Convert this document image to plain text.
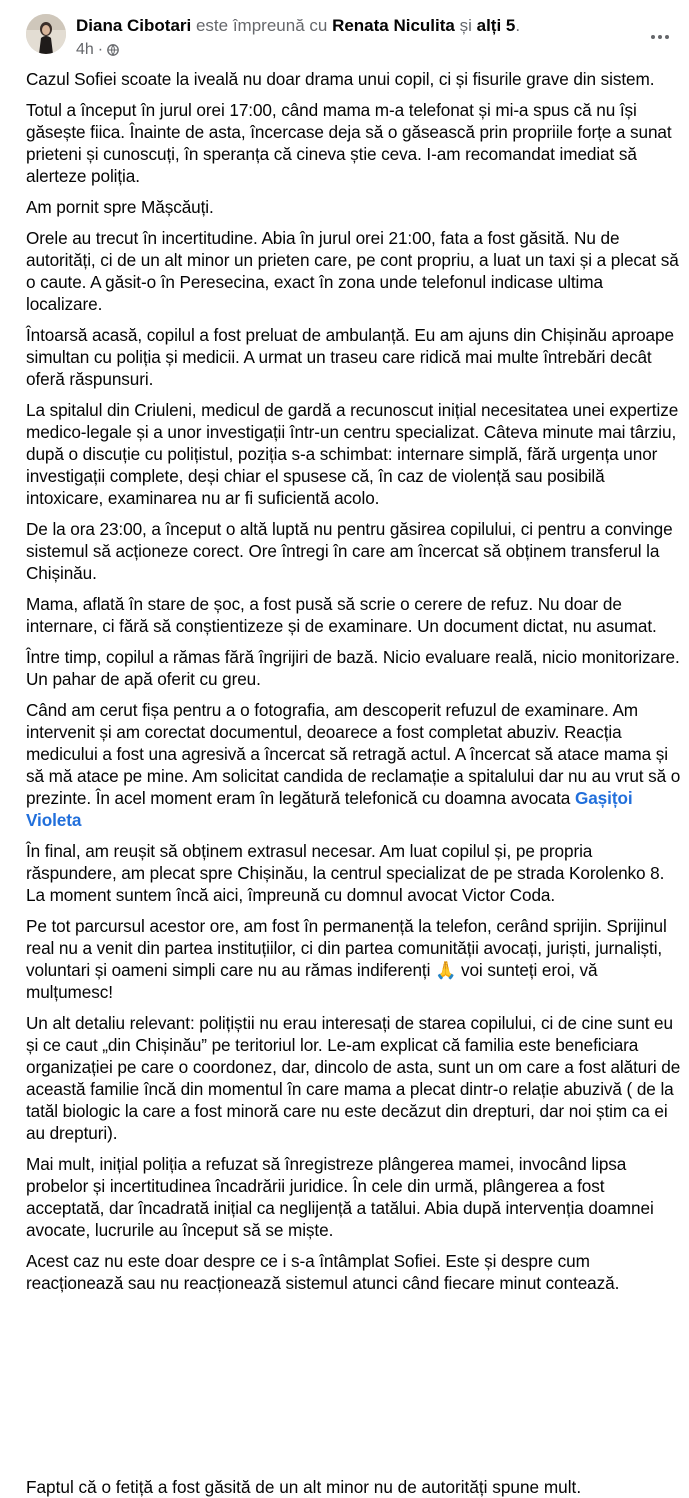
Diana Cibotari este împreună cu Renata Niculita și alți 5.
4h ·

Cazul Sofiei scoate la iveală nu doar drama unui copil, ci și fisurile grave din sistem.

Totul a început în jurul orei 17:00, când mama m-a telefonat și mi-a spus că nu își găsește fiica. Înainte de asta, încercase deja să o găsească prin propriile forțe a sunat prieteni și cunoscuți, în speranța că cineva știe ceva. I-am recomandat imediat să alerteze poliția.

Am pornit spre Mășcăuți.

Orele au trecut în incertitudine. Abia în jurul orei 21:00, fata a fost găsită. Nu de autorități, ci de un alt minor un prieten care, pe cont propriu, a luat un taxi și a plecat să o caute. A găsit-o în Peresecina, exact în zona unde telefonul indicase ultima localizare.

Întoarsă acasă, copilul a fost preluat de ambulanță. Eu am ajuns din Chișinău aproape simultan cu poliția și medicii. A urmat un traseu care ridică mai multe întrebări decât oferă răspunsuri.

La spitalul din Criuleni, medicul de gardă a recunoscut inițial necesitatea unei expertize medico-legale și a unor investigații într-un centru specializat. Câteva minute mai târziu, după o discuție cu polițistul, poziția s-a schimbat: internare simplă, fără urgența unor investigații complete, deși chiar el spusese că, în caz de violență sau posibilă intoxicare, examinarea nu ar fi suficientă acolo.

De la ora 23:00, a început o altă luptă nu pentru găsirea copilului, ci pentru a convinge sistemul să acționeze corect. Ore întregi în care am încercat să obținem transferul la Chișinău.

Mama, aflată în stare de șoc, a fost pusă să scrie o cerere de refuz. Nu doar de internare, ci fără să conștientizeze și de examinare. Un document dictat, nu asumat.

Între timp, copilul a rămas fără îngrijiri de bază. Nicio evaluare reală, nicio monitorizare. Un pahar de apă oferit cu greu.

Când am cerut fișa pentru a o fotografia, am descoperit refuzul de examinare. Am intervenit și am corectat documentul, deoarece a fost completat abuziv. Reacția medicului a fost una agresivă a încercat să retragă actul. A încercat să atace mama și să mă atace pe mine. Am solicitat candida de reclamație a spitalului dar nu au vrut să o prezinte. În acel moment eram în legătură telefonică cu doamna avocata Gașițoi Violeta

În final, am reușit să obținem extrasul necesar. Am luat copilul și, pe propria răspundere, am plecat spre Chișinău, la centrul specializat de pe strada Korolenko 8. La moment suntem încă aici, împreună cu domnul avocat Victor Coda.

Pe tot parcursul acestor ore, am fost în permanență la telefon, cerând sprijin. Sprijinul real nu a venit din partea instituțiilor, ci din partea comunității avocați, juriști, jurnaliști, voluntari și oameni simpli care nu au rămas indiferenți 🙏 voi sunteți eroi, vă mulțumesc!

Un alt detaliu relevant: polițiștii nu erau interesați de starea copilului, ci de cine sunt eu și ce caut „din Chișinău” pe teritoriul lor. Le-am explicat că familia este beneficiara organizației pe care o coordonez, dar, dincolo de asta, sunt un om care a fost alături de această familie încă din momentul în care mama a plecat dintr-o relație abuzivă ( de la tatăl biologic la care a fost minoră care nu este decăzut din drepturi, dar noi știm ca ei au drepturi).

Mai mult, inițial poliția a refuzat să înregistreze plângerea mamei, invocând lipsa probelor și incertitudinea încadrării juridice. În cele din urmă, plângerea a fost acceptată, dar încadrată inițial ca neglijență a tatălui. Abia după intervenția doamnei avocate, lucrurile au început să se miște.

Acest caz nu este doar despre ce i s-a întâmplat Sofiei. Este și despre cum reacționează sau nu reacționează sistemul atunci când fiecare minut contează.

Faptul că o fetiță a fost găsită de un alt minor nu de autorități spune mult.
